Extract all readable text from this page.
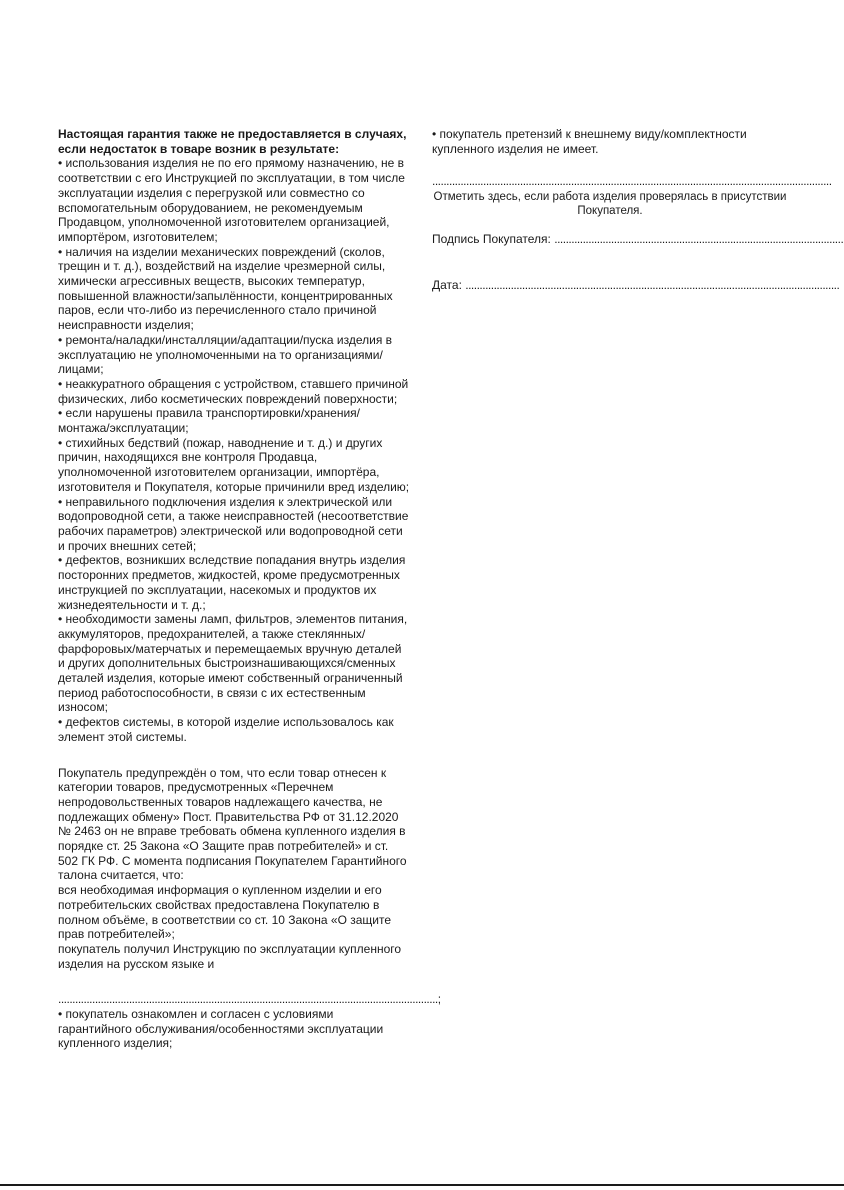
Настоящая гарантия также не предоставляется в случаях, если недостаток в товаре возник в результате:

• использования изделия не по его прямому назначению, не в соответствии с его Инструкцией по эксплуатации, в том числе эксплуатации изделия с перегрузкой или совместно со вспомогательным оборудованием, не рекомендуемым Продавцом, уполномоченной изготовителем организацией, импортёром, изготовителем;

• наличия на изделии механических повреждений (сколов, трещин и т. д.), воздействий на изделие чрезмерной силы, химически агрессивных веществ, высоких температур, повышенной влажности/запылённости, концентрированных паров, если что-либо из перечисленного стало причиной неисправности изделия;

• ремонта/наладки/инсталляции/адаптации/пуска изделия в эксплуатацию не уполномоченными на то организациями/лицами;

• неаккуратного обращения с устройством, ставшего причиной физических, либо косметических повреждений поверхности;

• если нарушены правила транспортировки/хранения/монтажа/эксплуатации;

• стихийных бедствий (пожар, наводнение и т. д.) и других причин, находящихся вне контроля Продавца, уполномоченной изготовителем организации, импортёра, изготовителя и Покупателя, которые причинили вред изделию;

• неправильного подключения изделия к электрической или водопроводной сети, а также неисправностей (несоответствие рабочих параметров) электрической или водопроводной сети и прочих внешних сетей;

• дефектов, возникших вследствие попадания внутрь изделия посторонних предметов, жидкостей, кроме предусмотренных инструкцией по эксплуатации, насекомых и продуктов их жизнедеятельности и т. д.;

• необходимости замены ламп, фильтров, элементов питания, аккумуляторов, предохранителей, а также стеклянных/фарфоровых/матерчатых и перемещаемых вручную деталей и других дополнительных быстроизнашивающихся/сменных деталей изделия, которые имеют собственный ограниченный период работоспособности, в связи с их естественным износом;

• дефектов системы, в которой изделие использовалось как элемент этой системы.

Покупатель предупреждён о том, что если товар отнесен к категории товаров, предусмотренных «Перечнем непродовольственных товаров надлежащего качества, не подлежащих обмену» Пост. Правительства РФ от 31.12.2020 № 2463 он не вправе требовать обмена купленного изделия в порядке ст. 25 Закона «О Защите прав потребителей» и ст. 502 ГК РФ. С момента подписания Покупателем Гарантийного талона считается, что:

вся необходимая информация о купленном изделии и его потребительских свойствах предоставлена Покупателю в полном объёме, в соответствии со ст. 10 Закона «О защите прав потребителей»;

покупатель получил Инструкцию по эксплуатации купленного изделия на русском языке и

......................................................................................................................................;

• покупатель ознакомлен и согласен с условиями гарантийного обслуживания/особенностями эксплуатации купленного изделия;

• покупатель претензий к внешнему виду/комплектности купленного изделия не имеет.

.............................................................................................................................................

Отметить здесь, если работа изделия проверялась в присутствии Покупателя.

Подпись Покупателя: ......................................................................................................
Дата: ....................................................................................................................................
